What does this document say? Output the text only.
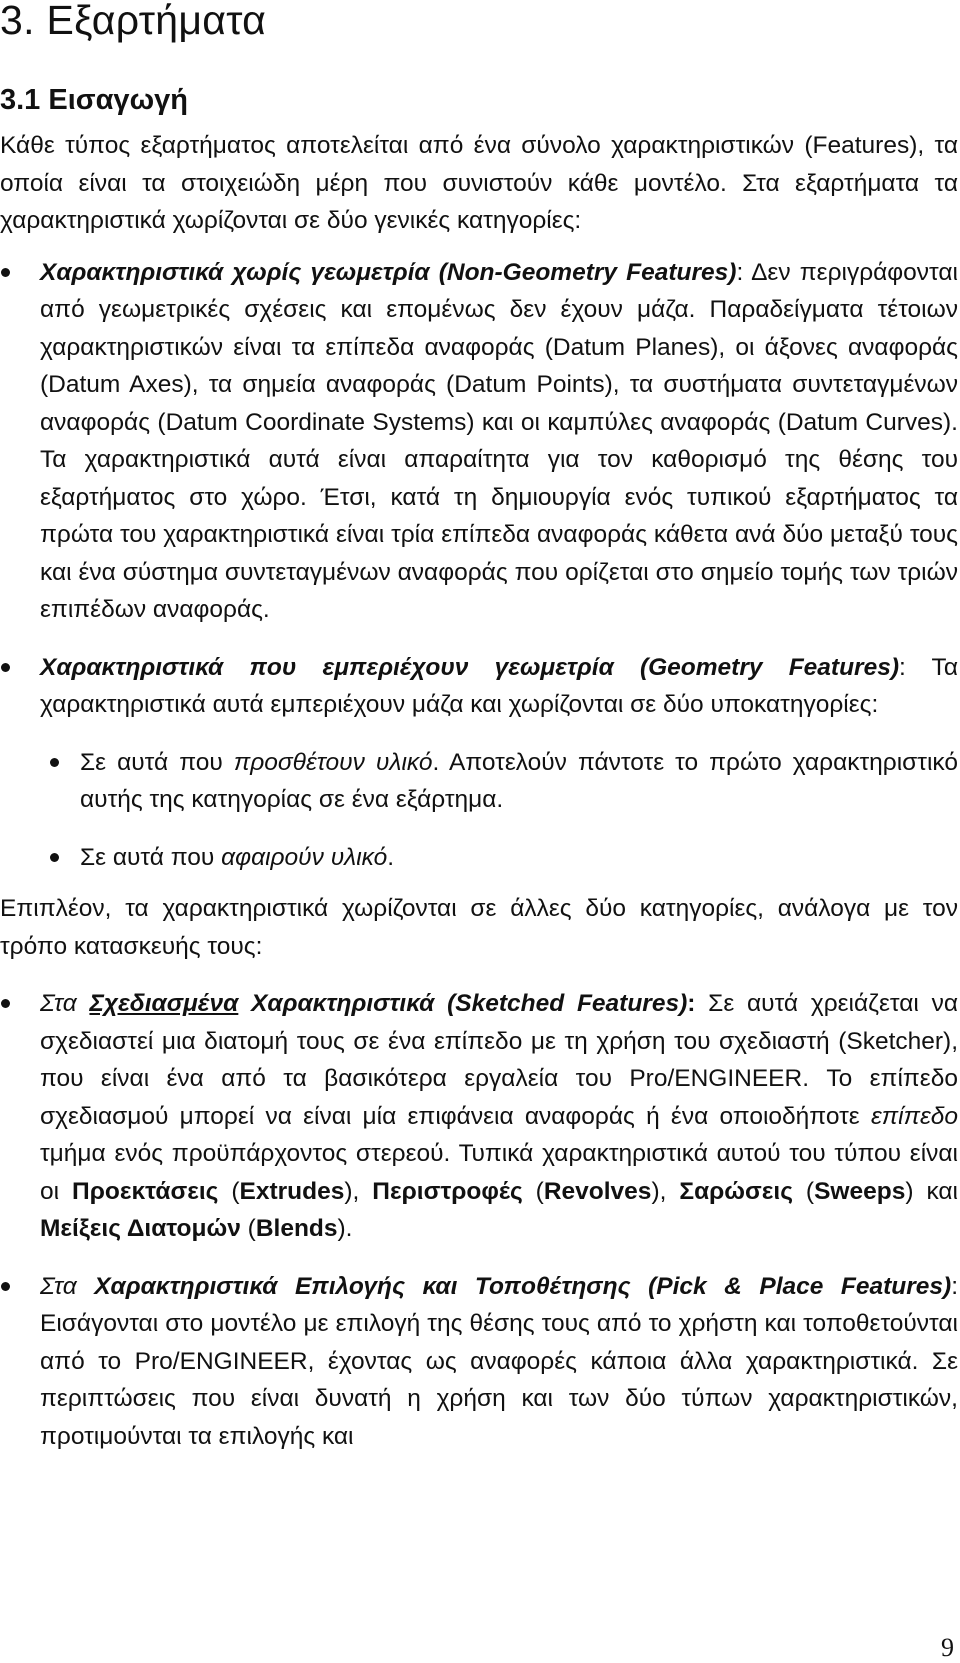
3. Εξαρτήματα
3.1 Εισαγωγή

Κάθε τύπος εξαρτήματος αποτελείται από ένα σύνολο χαρακτηριστικών (Features), τα οποία είναι τα στοιχειώδη μέρη που συνιστούν κάθε μοντέλο. Στα εξαρτήματα τα χαρακτηριστικά χωρίζονται σε δύο γενικές κατηγορίες:

Χαρακτηριστικά χωρίς γεωμετρία (Non-Geometry Features): Δεν περιγράφονται από γεωμετρικές σχέσεις και επομένως δεν έχουν μάζα. Παραδείγματα τέτοιων χαρακτηριστικών είναι τα επίπεδα αναφοράς (Datum Planes), οι άξονες αναφοράς (Datum Axes), τα σημεία αναφοράς (Datum Points), τα συστήματα συντεταγμένων αναφοράς (Datum Coordinate Systems) και οι καμπύλες αναφοράς (Datum Curves). Τα χαρακτηριστικά αυτά είναι απαραίτητα για τον καθορισμό της θέσης του εξαρτήματος στο χώρο. Έτσι, κατά τη δημιουργία ενός τυπικού εξαρτήματος τα πρώτα του χαρακτηριστικά είναι τρία επίπεδα αναφοράς κάθετα ανά δύο μεταξύ τους και ένα σύστημα συντεταγμένων αναφοράς που ορίζεται στο σημείο τομής των τριών επιπέδων αναφοράς.

Χαρακτηριστικά που εμπεριέχουν γεωμετρία (Geometry Features): Τα χαρακτηριστικά αυτά εμπεριέχουν μάζα και χωρίζονται σε δύο υποκατηγορίες:

Σε αυτά που προσθέτουν υλικό. Αποτελούν πάντοτε το πρώτο χαρακτηριστικό αυτής της κατηγορίας σε ένα εξάρτημα.

Σε αυτά που αφαιρούν υλικό.

Επιπλέον, τα χαρακτηριστικά χωρίζονται σε άλλες δύο κατηγορίες, ανάλογα με τον τρόπο κατασκευής τους:

Στα Σχεδιασμένα Χαρακτηριστικά (Sketched Features): Σε αυτά χρειάζεται να σχεδιαστεί μια διατομή τους σε ένα επίπεδο με τη χρήση του σχεδιαστή (Sketcher), που είναι ένα από τα βασικότερα εργαλεία του Pro/ENGINEER. Το επίπεδο σχεδιασμού μπορεί να είναι μία επιφάνεια αναφοράς ή ένα οποιοδήποτε επίπεδο τμήμα ενός προϋπάρχοντος στερεού. Τυπικά χαρακτηριστικά αυτού του τύπου είναι οι Προεκτάσεις (Extrudes), Περιστροφές (Revolves), Σαρώσεις (Sweeps) και Μείξεις Διατομών (Blends).

Στα Χαρακτηριστικά Επιλογής και Τοποθέτησης (Pick & Place Features): Εισάγονται στο μοντέλο με επιλογή της θέσης τους από το χρήστη και τοποθετούνται από το Pro/ENGINEER, έχοντας ως αναφορές κάποια άλλα χαρακτηριστικά. Σε περιπτώσεις που είναι δυνατή η χρήση και των δύο τύπων χαρακτηριστικών, προτιμούνται τα επιλογής και

9
